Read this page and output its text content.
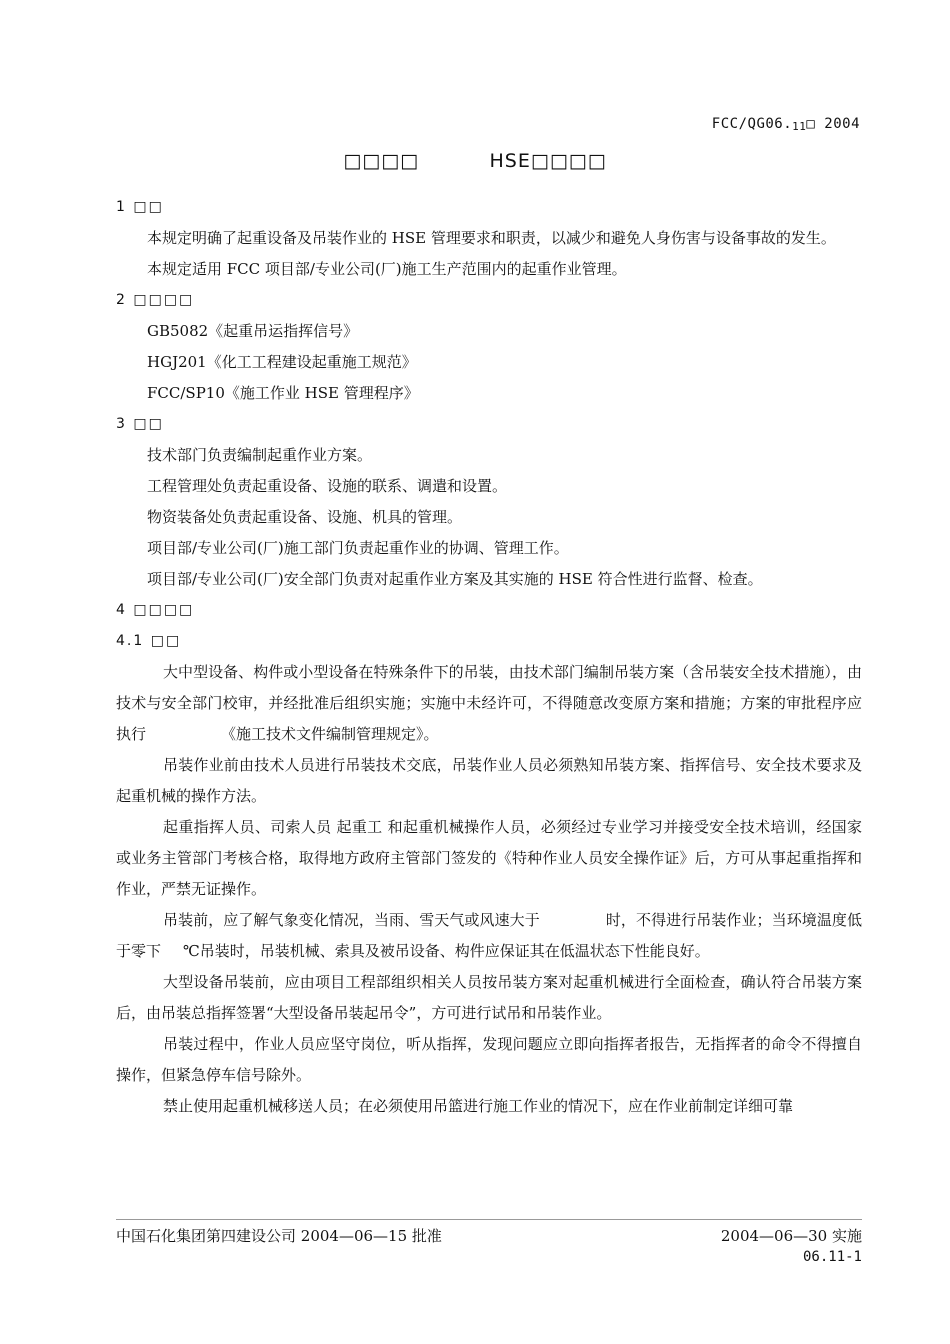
FCC/QG06.11□ 2004
□□□□          HSE□□□□
1 □□
本规定明确了起重设备及吊装作业的 HSE 管理要求和职责，以减少和避免人身伤害与设备事故的发生。
本规定适用 FCC 项目部/专业公司(厂)施工生产范围内的起重作业管理。
2 □□□□
GB5082《起重吊运指挥信号》
HGJ201《化工工程建设起重施工规范》
FCC/SP10《施工作业 HSE 管理程序》
3 □□
技术部门负责编制起重作业方案。
工程管理处负责起重设备、设施的联系、调遣和设置。
物资装备处负责起重设备、设施、机具的管理。
项目部/专业公司(厂)施工部门负责起重作业的协调、管理工作。
项目部/专业公司(厂)安全部门负责对起重作业方案及其实施的 HSE 符合性进行监督、检查。
4 □□□□
4.1 □□
大中型设备、构件或小型设备在特殊条件下的吊装，由技术部门编制吊装方案（含吊装安全技术措施），由技术与安全部门校审，并经批准后组织实施；实施中未经许可，不得随意改变原方案和措施；方案的审批程序应执行	《施工技术文件编制管理规定》。
吊装作业前由技术人员进行吊装技术交底，吊装作业人员必须熟知吊装方案、指挥信号、安全技术要求及起重机械的操作方法。
起重指挥人员、司索人员 起重工 和起重机械操作人员，必须经过专业学习并接受安全技术培训，经国家或业务主管部门考核合格，取得地方政府主管部门签发的《特种作业人员安全操作证》后，方可从事起重指挥和作业，严禁无证操作。
吊装前，应了解气象变化情况，当雨、雪天气或风速大于	时，不得进行吊装作业；当环境温度低于零下 ℃吊装时，吊装机械、索具及被吊设备、构件应保证其在低温状态下性能良好。
大型设备吊装前，应由项目工程部组织相关人员按吊装方案对起重机械进行全面检查，确认符合吊装方案后，由吊装总指挥签署“大型设备吊装起吊令”，方可进行试吊和吊装作业。
吊装过程中，作业人员应坚守岗位，听从指挥，发现问题应立即向指挥者报告，无指挥者的命令不得擅自操作，但紧急停车信号除外。
禁止使用起重机械移送人员；在必须使用吊篮进行施工作业的情况下，应在作业前制定详细可靠
中国石化集团第四建设公司 2004—06—15 批准	2004—06—30 实施
06.11-1
